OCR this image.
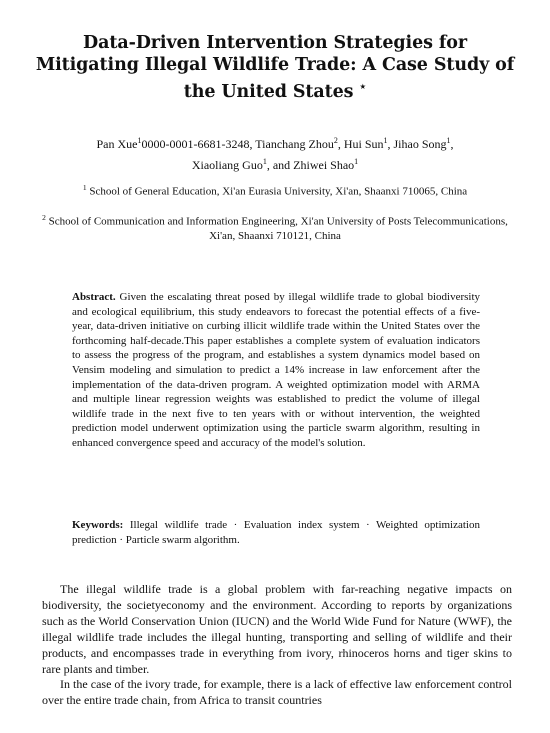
Data-Driven Intervention Strategies for Mitigating Illegal Wildlife Trade: A Case Study of the United States ⋆
Pan Xue$^1$0000-0001-6681-3248, Tianchang Zhou$^2$, Hui Sun$^1$, Jihao Song$^1$,
Xiaoliang Guo$^1$, and Zhiwei Shao$^1$
$^1$ School of General Education, Xi'an Eurasia University, Xi'an, Shaanxi 710065, China
$^2$ School of Communication and Information Engineering, Xi'an University of Posts Telecommunications, Xi'an, Shaanxi 710121, China
Abstract. Given the escalating threat posed by illegal wildlife trade to global biodiversity and ecological equilibrium, this study endeavors to forecast the potential effects of a five-year, data-driven initiative on curbing illicit wildlife trade within the United States over the forthcoming half-decade.This paper establishes a complete system of evaluation indicators to assess the progress of the program, and establishes a system dynamics model based on Vensim modeling and simulation to predict a 14% increase in law enforcement after the implementation of the data-driven program. A weighted optimization model with ARMA and multiple linear regression weights was established to predict the volume of illegal wildlife trade in the next five to ten years with or without intervention, the weighted prediction model underwent optimization using the particle swarm algorithm, resulting in enhanced convergence speed and accuracy of the model's solution.
Keywords: Illegal wildlife trade · Evaluation index system · Weighted optimization prediction · Particle swarm algorithm.

The illegal wildlife trade is a global problem with far-reaching negative impacts on biodiversity, the societyeconomy and the environment. According to reports by organizations such as the World Conservation Union (IUCN) and the World Wide Fund for Nature (WWF), the illegal wildlife trade includes the illegal hunting, transporting and selling of wildlife and their products, and encompasses trade in everything from ivory, rhinoceros horns and tiger skins to rare plants and timber.

In the case of the ivory trade, for example, there is a lack of effective law enforcement control over the entire trade chain, from Africa to transit countries
